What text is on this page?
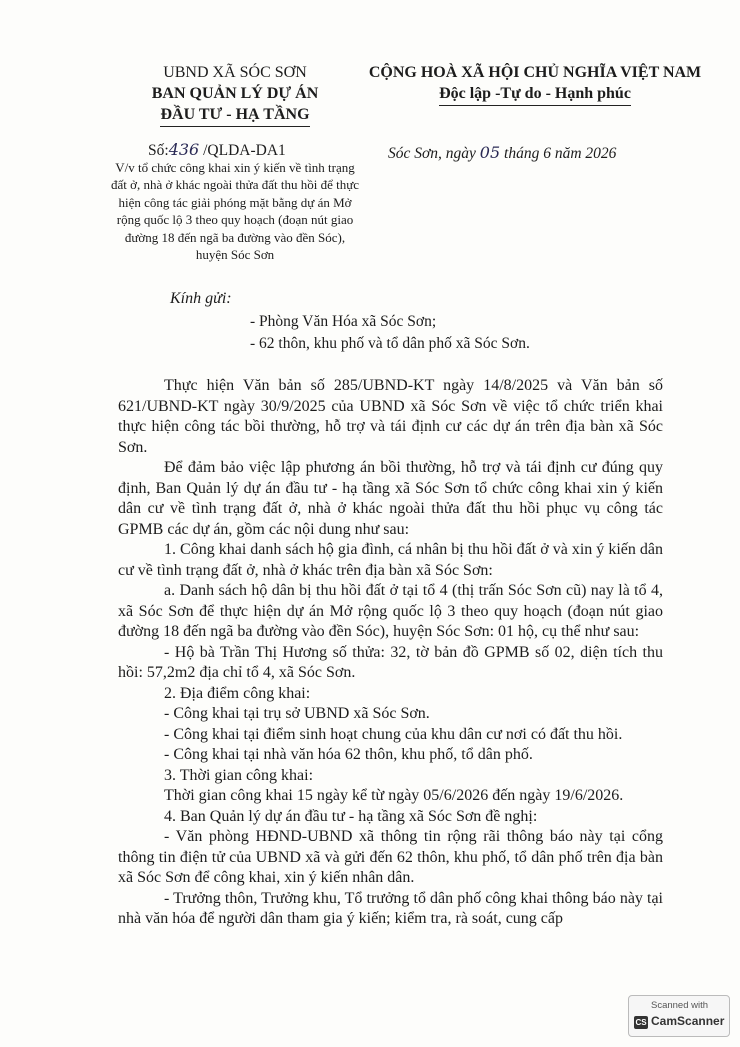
UBND XÃ SÓC SƠN
BAN QUẢN LÝ DỰ ÁN
ĐẦU TƯ - HẠ TẦNG
CỘNG HOÀ XÃ HỘI CHỦ NGHĨA VIỆT NAM
Độc lập -Tự do - Hạnh phúc
Số:436 /QLDA-DA1
V/v tổ chức công khai xin ý kiến về tình trạng đất ở, nhà ở khác ngoài thửa đất thu hồi để thực hiện công tác giải phóng mặt bằng dự án Mở rộng quốc lộ 3 theo quy hoạch (đoạn nút giao đường 18 đến ngã ba đường vào đền Sóc), huyện Sóc Sơn
Sóc Sơn, ngày 05 tháng 6 năm 2026
Kính gửi:
- Phòng Văn Hóa xã Sóc Sơn;
- 62 thôn, khu phố và tổ dân phố xã Sóc Sơn.

Thực hiện Văn bản số 285/UBND-KT ngày 14/8/2025 và Văn bản số 621/UBND-KT ngày 30/9/2025 của UBND xã Sóc Sơn về việc tổ chức triển khai thực hiện công tác bồi thường, hỗ trợ và tái định cư các dự án trên địa bàn xã Sóc Sơn.

Để đảm bảo việc lập phương án bồi thường, hỗ trợ và tái định cư đúng quy định, Ban Quản lý dự án đầu tư - hạ tầng xã Sóc Sơn tổ chức công khai xin ý kiến dân cư về tình trạng đất ở, nhà ở khác ngoài thửa đất thu hồi phục vụ công tác GPMB các dự án, gồm các nội dung như sau:

1. Công khai danh sách hộ gia đình, cá nhân bị thu hồi đất ở và xin ý kiến dân cư về tình trạng đất ở, nhà ở khác trên địa bàn xã Sóc Sơn:

a. Danh sách hộ dân bị thu hồi đất ở tại tổ 4 (thị trấn Sóc Sơn cũ) nay là tổ 4, xã Sóc Sơn để thực hiện dự án Mở rộng quốc lộ 3 theo quy hoạch (đoạn nút giao đường 18 đến ngã ba đường vào đền Sóc), huyện Sóc Sơn: 01 hộ, cụ thể như sau:

- Hộ bà Trần Thị Hương số thửa: 32, tờ bản đồ GPMB số 02, diện tích thu hồi: 57,2m2 địa chỉ tổ 4, xã Sóc Sơn.

2. Địa điểm công khai:

- Công khai tại trụ sở UBND xã Sóc Sơn.

- Công khai tại điểm sinh hoạt chung của khu dân cư nơi có đất thu hồi.

- Công khai tại nhà văn hóa 62 thôn, khu phố, tổ dân phố.

3. Thời gian công khai:

Thời gian công khai 15 ngày kể từ ngày 05/6/2026 đến ngày 19/6/2026.

4. Ban Quản lý dự án đầu tư - hạ tầng xã Sóc Sơn đề nghị:

- Văn phòng HĐND-UBND xã thông tin rộng rãi thông báo này tại cổng thông tin điện tử của UBND xã và gửi đến 62 thôn, khu phố, tổ dân phố trên địa bàn xã Sóc Sơn để công khai, xin ý kiến nhân dân.

- Trưởng thôn, Trưởng khu, Tổ trưởng tổ dân phố công khai thông báo này tại nhà văn hóa để người dân tham gia ý kiến; kiểm tra, rà soát, cung cấp

CS
Scanned with
CamScanner
